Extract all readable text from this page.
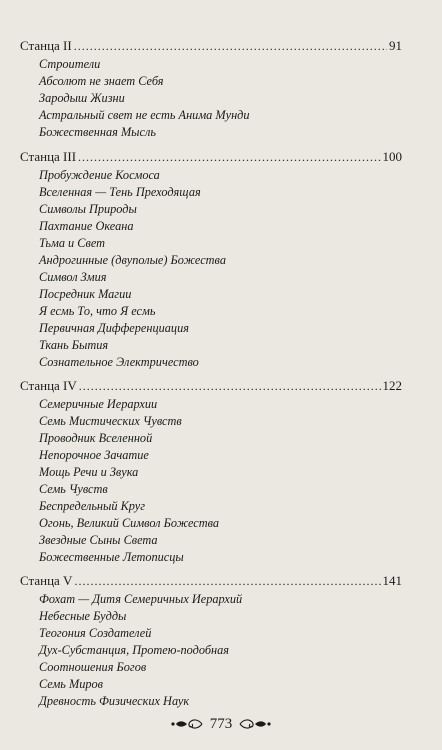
Станца II .....	91
Строители
Абсолют не знает Себя
Зародыш Жизни
Астральный свет не есть Анима Мунди
Божественная Мысль
Станца III .....	100
Пробуждение Космоса
Вселенная — Тень Преходящая
Символы Природы
Пахтание Океана
Тьма и Свет
Андрогинные (двуполые) Божества
Символ Змия
Посредник Магии
Я есмь То, что Я есмь
Первичная Дифференциация
Ткань Бытия
Сознательное Электричество
Станца IV .....	122
Семеричные Иерархии
Семь Мистических Чувств
Проводник Вселенной
Непорочное Зачатие
Мощь Речи и Звука
Семь Чувств
Беспредельный Круг
Огонь, Великий Символ Божества
Звездные Сыны Света
Божественные Летописцы
Станца V .....	141
Фохат — Дитя Семеричных Иерархий
Небесные Будды
Теогония Создателей
Дух-Субстанция, Протею-подобная
Соотношения Богов
Семь Миров
Древность Физических Наук
773
